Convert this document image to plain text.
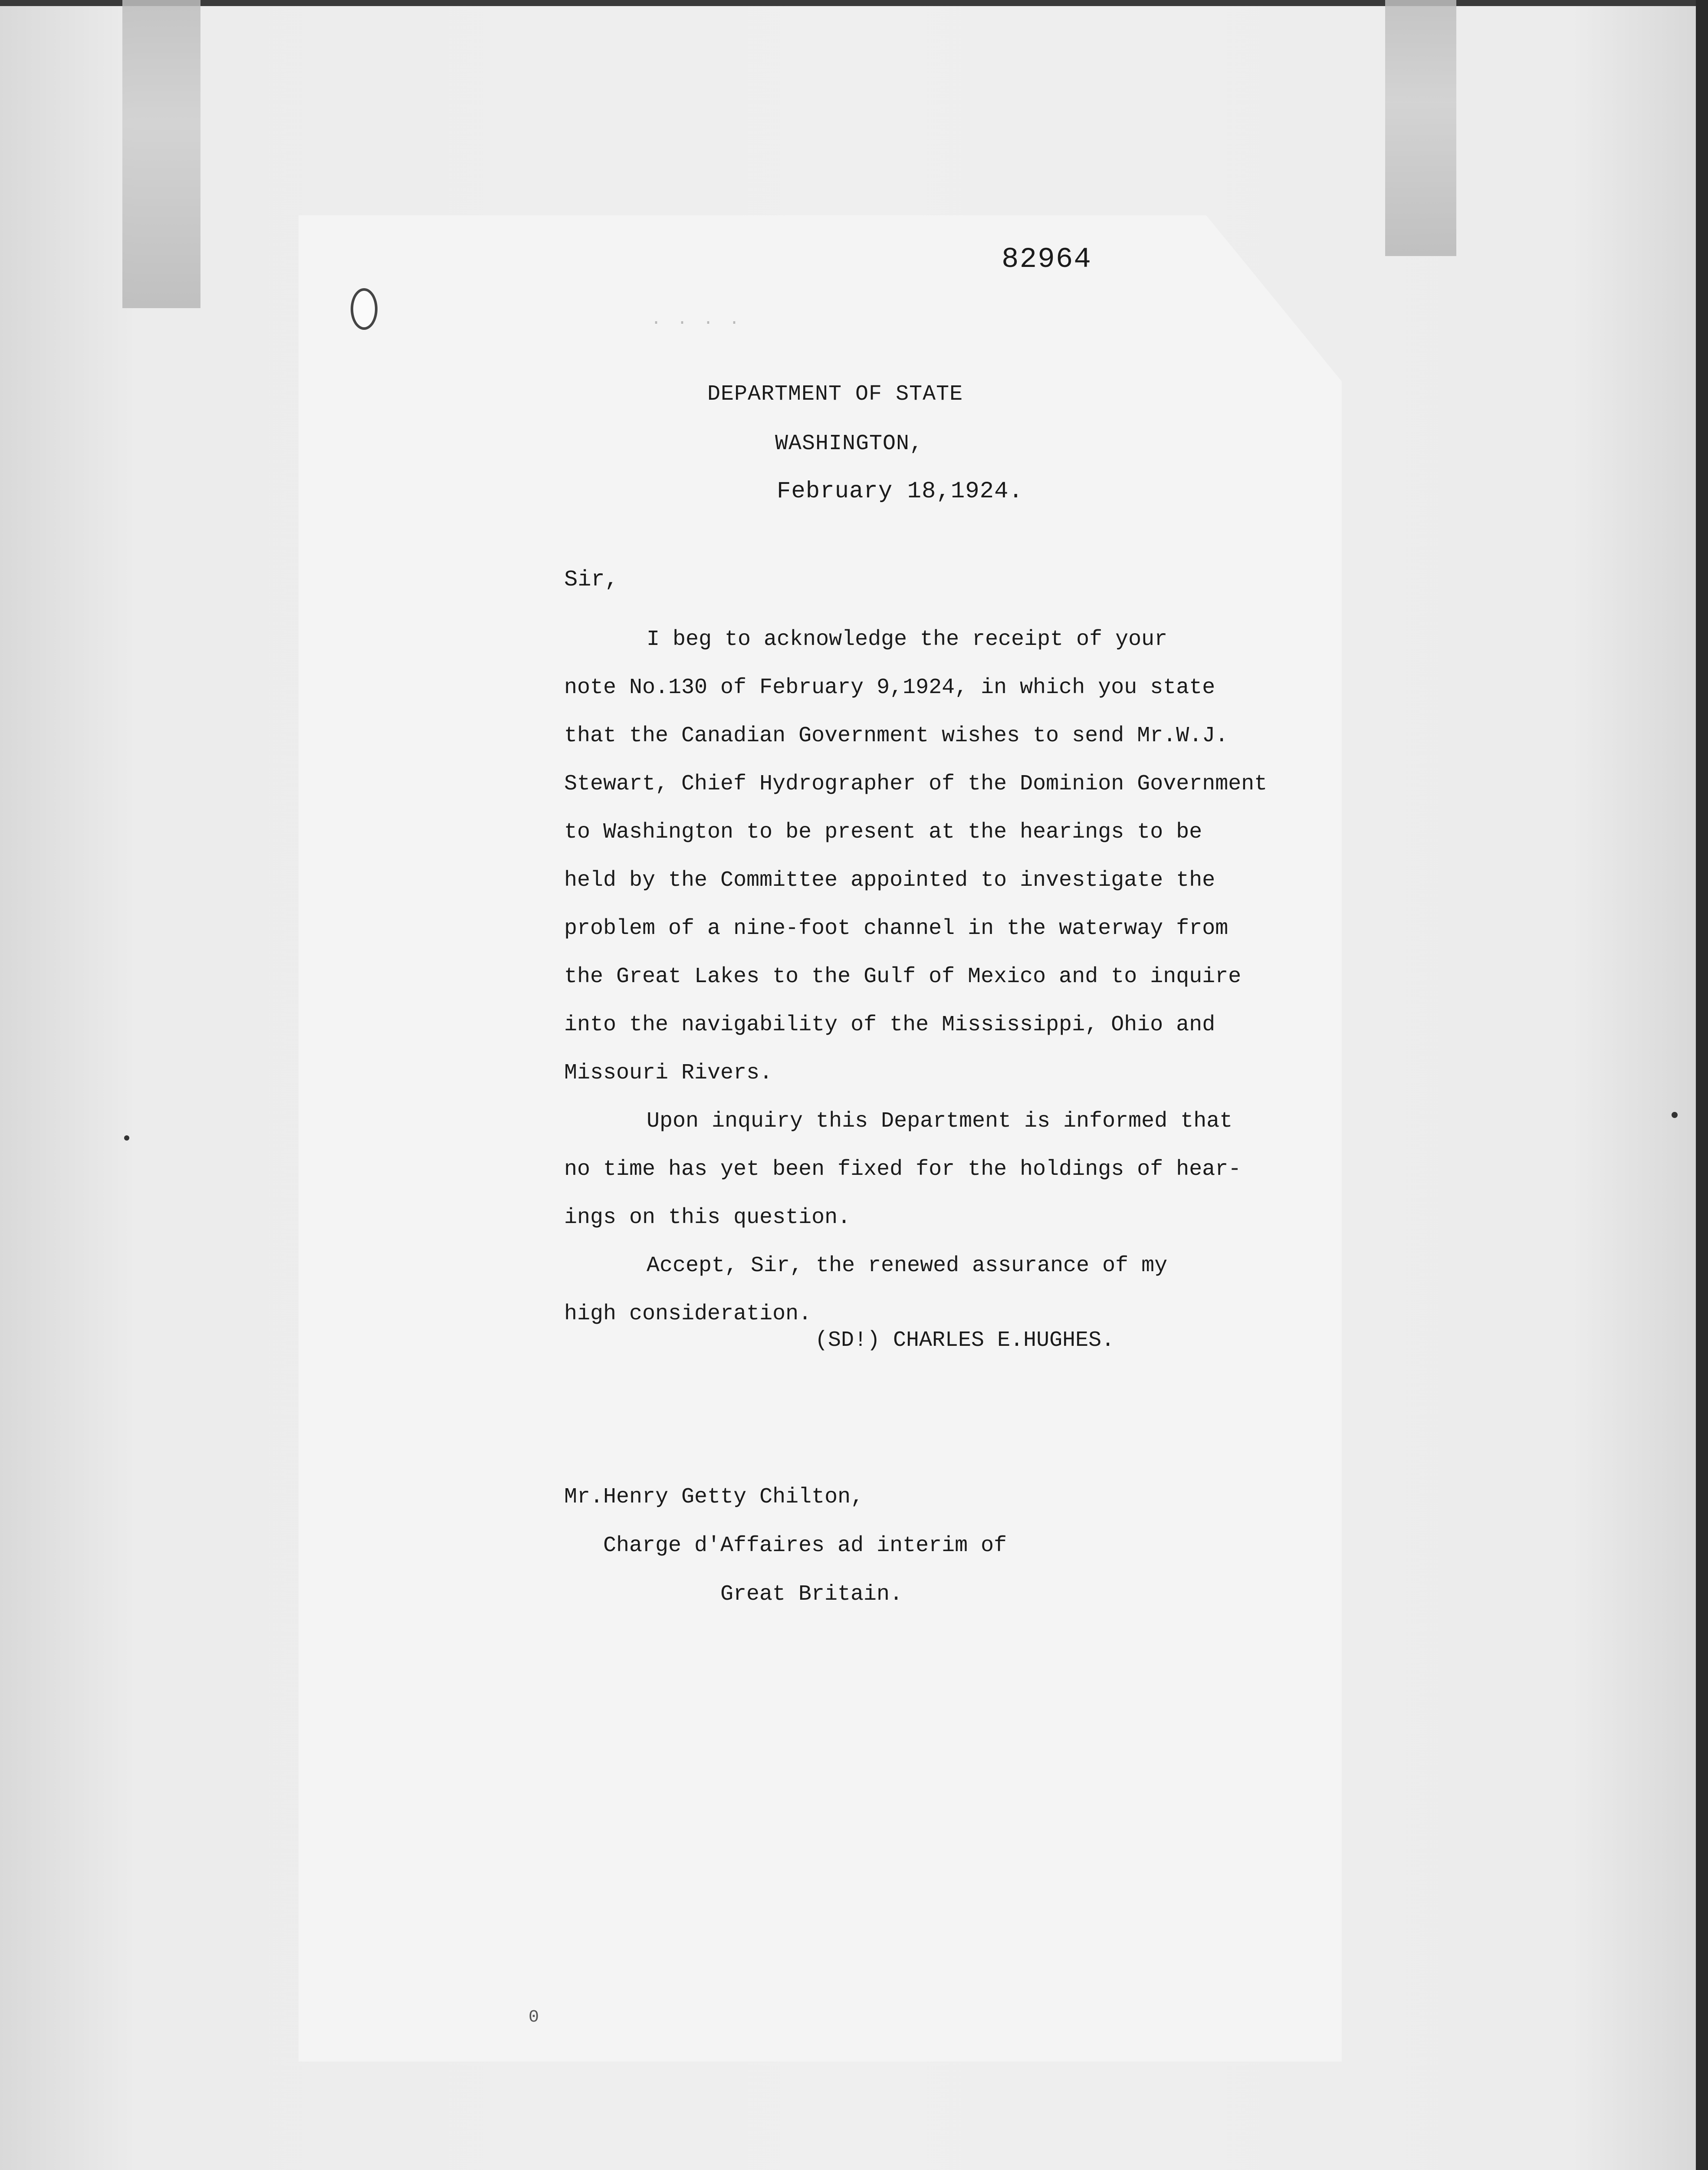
· · · ·
82964
DEPARTMENT OF STATE
WASHINGTON,
February 18,1924.
Sir,

I beg to acknowledge the receipt of your
note No.130 of February 9,1924, in which you state
that the Canadian Government wishes to send Mr.W.J.
Stewart, Chief Hydrographer of the Dominion Government
to Washington to be present at the hearings to be
held by the Committee appointed to investigate the
problem of a nine-foot channel in the waterway from
the Great Lakes to the Gulf of Mexico and to inquire
into the navigability of the Mississippi, Ohio and
Missouri Rivers.

Upon inquiry this Department is informed that
no time has yet been fixed for the holdings of hear-
ings on this question.

Accept, Sir, the renewed assurance of my
high consideration.

(SD!) CHARLES E.HUGHES.
Mr.Henry Getty Chilton,
Charge d'Affaires ad interim of
Great Britain.
0
